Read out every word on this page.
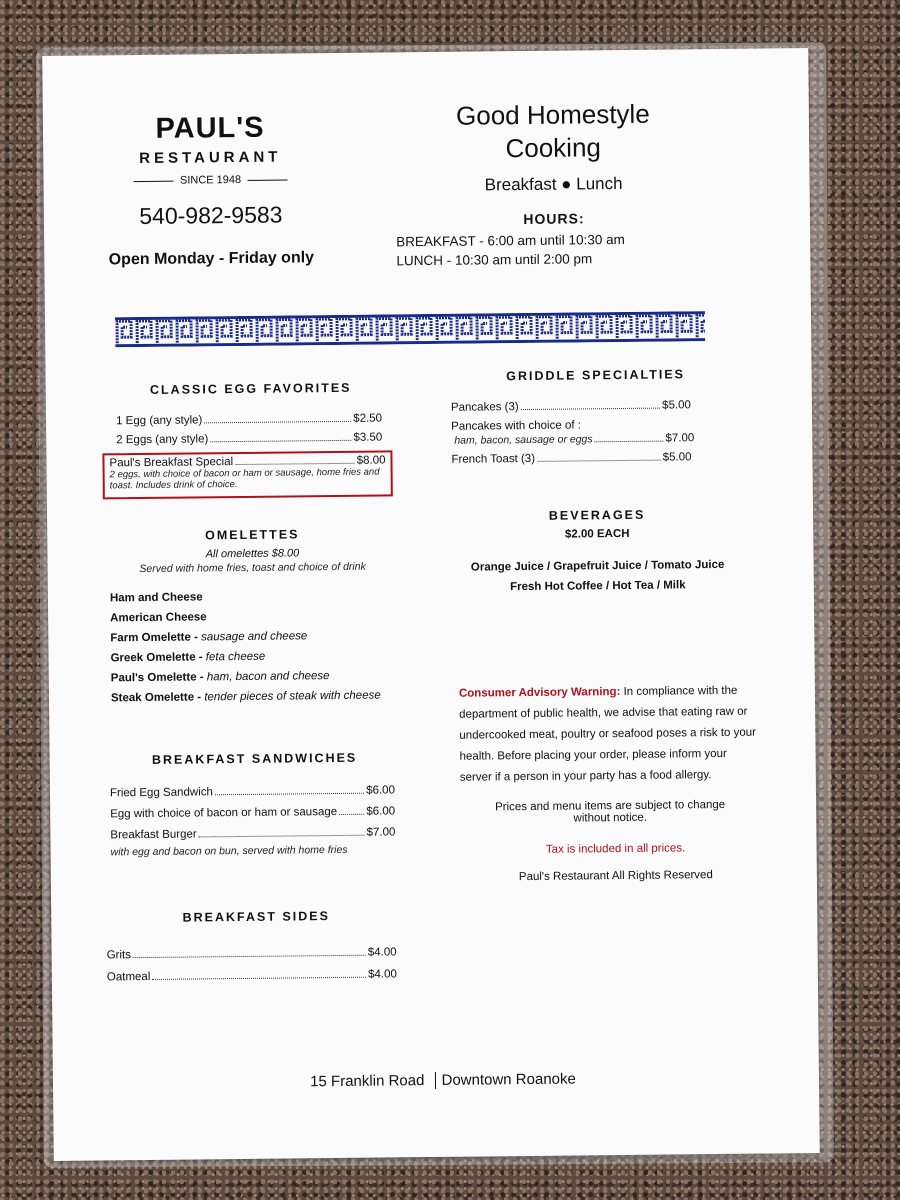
PAUL'S
RESTAURANT
SINCE 1948
540-982-9583
Open Monday - Friday only
Good Homestyle
Cooking
Breakfast ● Lunch
HOURS:
BREAKFAST - 6:00 am until 10:30 am
LUNCH - 10:30 am until 2:00 pm
CLASSIC EGG FAVORITES
1 Egg (any style)	$2.50
2 Eggs (any style)	$3.50
Paul's Breakfast Special	$8.00
2 eggs, with choice of bacon or ham or sausage, home fries and toast. Includes drink of choice.
OMELETTES
All omelettes $8.00
Served with home fries, toast and choice of drink
Ham and Cheese
American Cheese
Farm Omelette - sausage and cheese
Greek Omelette - feta cheese
Paul's Omelette - ham, bacon and cheese
Steak Omelette - tender pieces of steak with cheese
BREAKFAST SANDWICHES
Fried Egg Sandwich	$6.00
Egg with choice of bacon or ham or sausage	$6.00
Breakfast Burger	$7.00
with egg and bacon on bun, served with home fries
BREAKFAST SIDES
Grits	$4.00
Oatmeal	$4.00
GRIDDLE SPECIALTIES
Pancakes (3)	$5.00
Pancakes with choice of :
ham, bacon, sausage or eggs	$7.00
French Toast (3)	$5.00
BEVERAGES
$2.00 EACH
Orange Juice / Grapefruit Juice / Tomato Juice
Fresh Hot Coffee / Hot Tea / Milk
Consumer Advisory Warning: In compliance with the department of public health, we advise that eating raw or undercooked meat, poultry or seafood poses a risk to your health. Before placing your order, please inform your server if a person in your party has a food allergy.
Prices and menu items are subject to change without notice.
Tax is included in all prices.
Paul's Restaurant All Rights Reserved
15 Franklin Road Downtown Roanoke
